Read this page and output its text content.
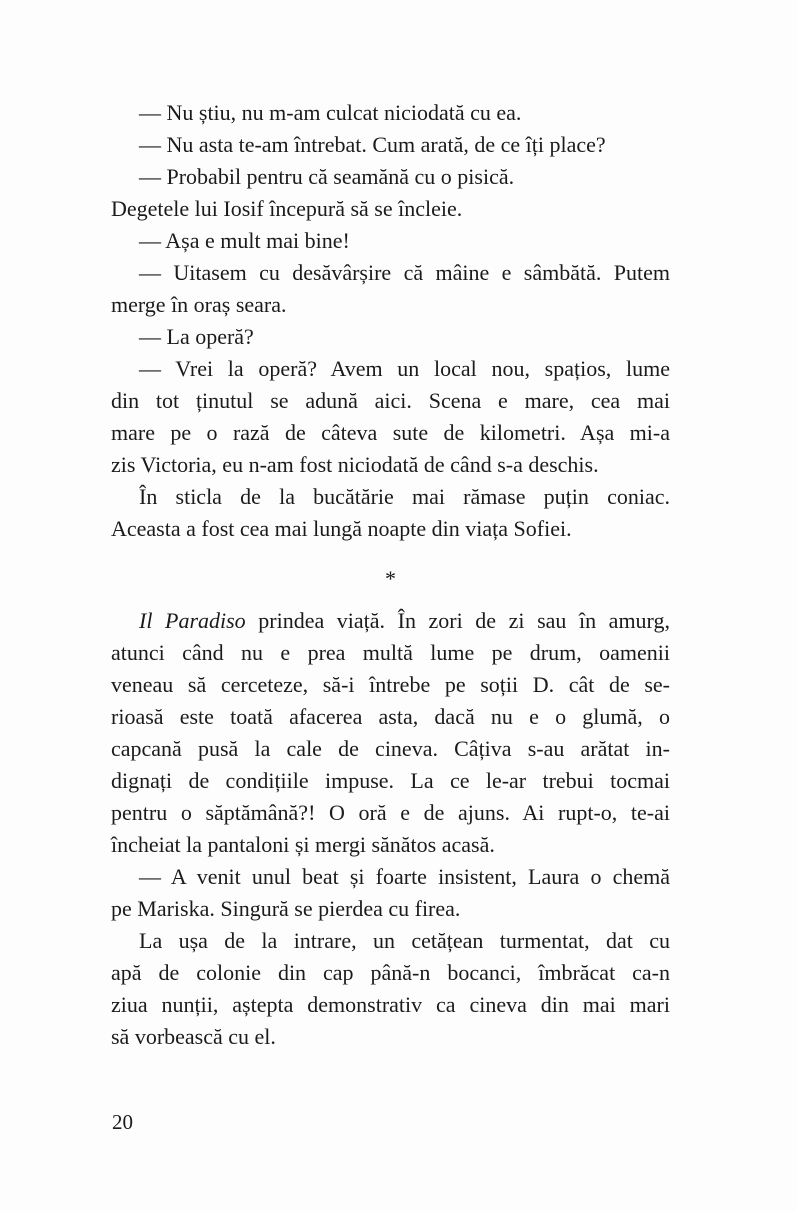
— Nu știu, nu m-am culcat niciodată cu ea.
— Nu asta te-am întrebat. Cum arată, de ce îți place?
— Probabil pentru că seamănă cu o pisică.
Degetele lui Iosif începură să se încleie.
— Așa e mult mai bine!
— Uitasem cu desăvârșire că mâine e sâmbătă. Putem
merge în oraș seara.
— La operă?
— Vrei la operă? Avem un local nou, spațios, lume
din tot ținutul se adună aici. Scena e mare, cea mai
mare pe o rază de câteva sute de kilometri. Așa mi-a
zis Victoria, eu n-am fost niciodată de când s-a deschis.
În sticla de la bucătărie mai rămase puțin coniac.
Aceasta a fost cea mai lungă noapte din viața Sofiei.
*
Il Paradiso prindea viață. În zori de zi sau în amurg,
atunci când nu e prea multă lume pe drum, oamenii
veneau să cerceteze, să-i întrebe pe soții D. cât de se-
rioasă este toată afacerea asta, dacă nu e o glumă, o
capcană pusă la cale de cineva. Câțiva s-au arătat in-
dignați de condițiile impuse. La ce le-ar trebui tocmai
pentru o săptămână?! O oră e de ajuns. Ai rupt-o, te-ai
încheiat la pantaloni și mergi sănătos acasă.
— A venit unul beat și foarte insistent, Laura o chemă
pe Mariska. Singură se pierdea cu firea.
La ușa de la intrare, un cetățean turmentat, dat cu
apă de colonie din cap până-n bocanci, îmbrăcat ca-n
ziua nunții, aștepta demonstrativ ca cineva din mai mari
să vorbească cu el.
20
